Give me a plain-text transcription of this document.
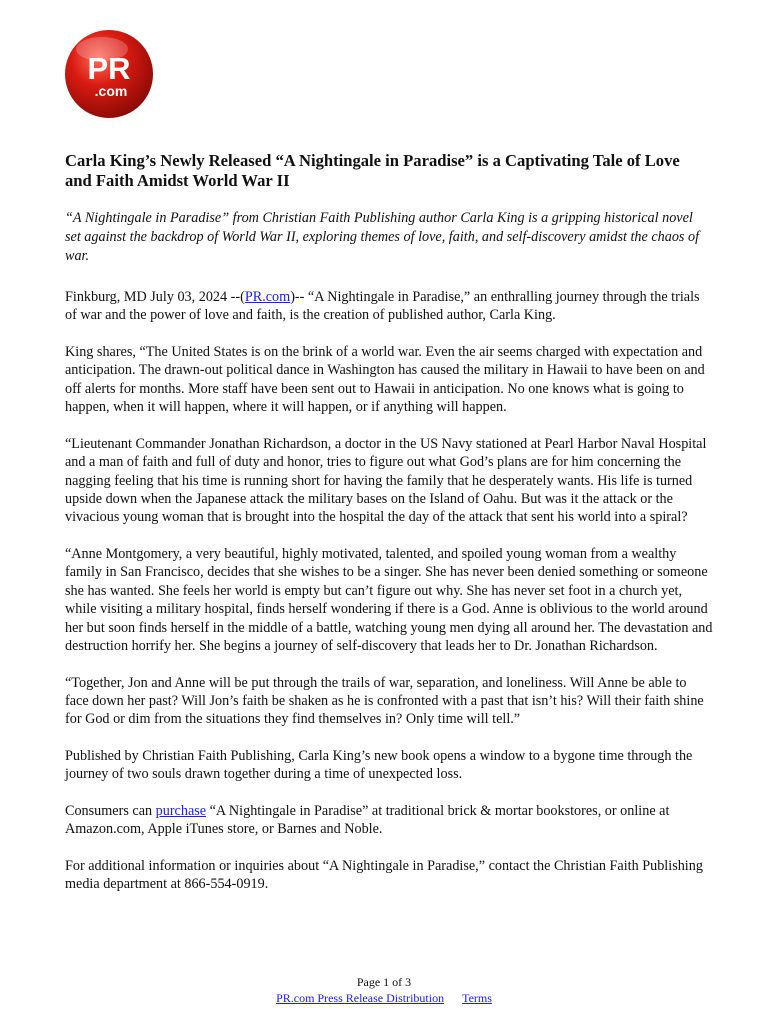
PR
.com
Carla King’s Newly Released “A Nightingale in Paradise” is a Captivating Tale of Love and Faith Amidst World War II

“A Nightingale in Paradise” from Christian Faith Publishing author Carla King is a gripping historical novel set against the backdrop of World War II, exploring themes of love, faith, and self-discovery amidst the chaos of war.

Finkburg, MD July 03, 2024 --(PR.com)-- “A Nightingale in Paradise,” an enthralling journey through the trials of war and the power of love and faith, is the creation of published author, Carla King.

King shares, “The United States is on the brink of a world war. Even the air seems charged with expectation and anticipation. The drawn-out political dance in Washington has caused the military in Hawaii to have been on and off alerts for months. More staff have been sent out to Hawaii in anticipation. No one knows what is going to happen, when it will happen, where it will happen, or if anything will happen.

“Lieutenant Commander Jonathan Richardson, a doctor in the US Navy stationed at Pearl Harbor Naval Hospital and a man of faith and full of duty and honor, tries to figure out what God’s plans are for him concerning the nagging feeling that his time is running short for having the family that he desperately wants. His life is turned upside down when the Japanese attack the military bases on the Island of Oahu. But was it the attack or the vivacious young woman that is brought into the hospital the day of the attack that sent his world into a spiral?

“Anne Montgomery, a very beautiful, highly motivated, talented, and spoiled young woman from a wealthy family in San Francisco, decides that she wishes to be a singer. She has never been denied something or someone she has wanted. She feels her world is empty but can’t figure out why. She has never set foot in a church yet, while visiting a military hospital, finds herself wondering if there is a God. Anne is oblivious to the world around her but soon finds herself in the middle of a battle, watching young men dying all around her. The devastation and destruction horrify her. She begins a journey of self-discovery that leads her to Dr. Jonathan Richardson.

“Together, Jon and Anne will be put through the trails of war, separation, and loneliness. Will Anne be able to face down her past? Will Jon’s faith be shaken as he is confronted with a past that isn’t his? Will their faith shine for God or dim from the situations they find themselves in? Only time will tell.”

Published by Christian Faith Publishing, Carla King’s new book opens a window to a bygone time through the journey of two souls drawn together during a time of unexpected loss.

Consumers can purchase “A Nightingale in Paradise” at traditional brick & mortar bookstores, or online at Amazon.com, Apple iTunes store, or Barnes and Noble.

For additional information or inquiries about “A Nightingale in Paradise,” contact the Christian Faith Publishing media department at 866-554-0919.

Page 1 of 3
PR.com Press Release Distribution Terms
